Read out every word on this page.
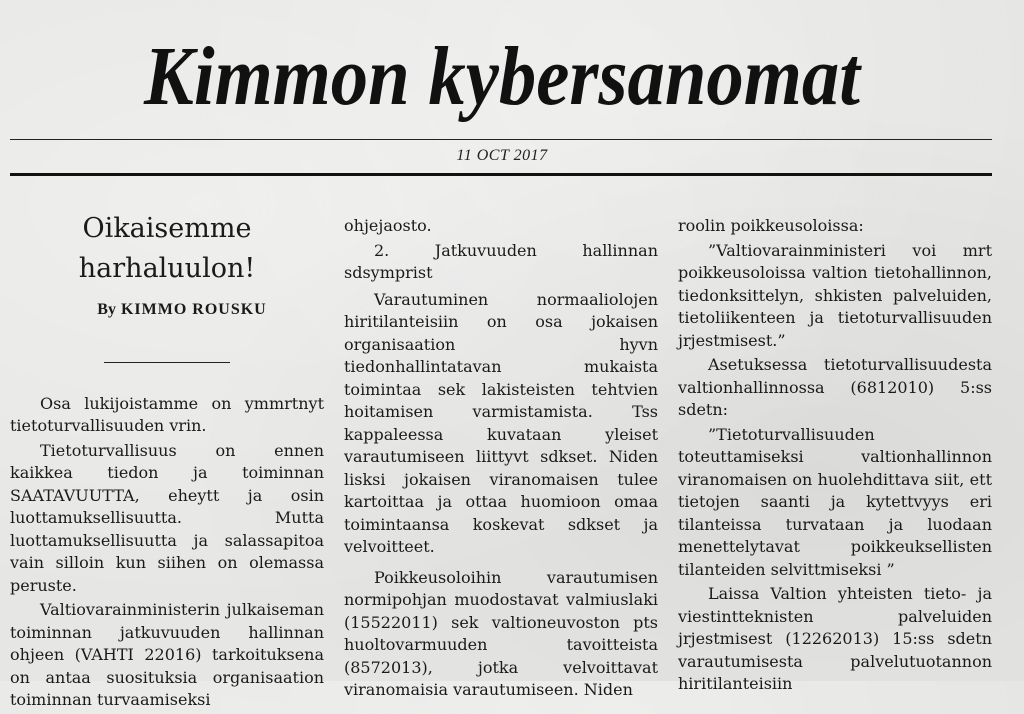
Kimmon kybersanomat
11 OCT 2017
Oikaisemme harhaluulon!

By KIMMO ROUSKU

Osa lukijoistamme on ymmrtnyt tietoturvallisuuden vrin.

Tietoturvallisuus on ennen kaikkea tiedon ja toiminnan SAATAVUUTTA, eheytt ja osin luottamuksellisuutta. Mutta luottamuksellisuutta ja salassapitoa vain silloin kun siihen on olemassa peruste.

Valtiovarainministerin julkaiseman toiminnan jatkuvuuden hallinnan ohjeen (VAHTI 22016) tarkoituksena on antaa suosituksia organisaation toiminnan turvaamiseksi

ohjejaosto.

2. Jatkuvuuden hallinnan sdsymprist

Varautuminen normaaliolojen hiritilanteisiin on osa jokaisen organisaation hyvn tiedonhallintatavan mukaista toimintaa sek lakisteisten tehtvien hoitamisen varmistamista. Tss kappaleessa kuvataan yleiset varautumiseen liittyvt sdkset. Niden lisksi jokaisen viranomaisen tulee kartoittaa ja ottaa huomioon omaa toimintaansa koskevat sdkset ja velvoitteet.

Poikkeusoloihin varautumisen normipohjan muodostavat valmiuslaki (15522011) sek valtioneuvoston pts huoltovarmuuden tavoitteista (8572013), jotka velvoittavat viranomaisia varautumiseen. Niden

roolin poikkeusoloissa:

”Valtiovarainministeri voi mrt poikkeusoloissa valtion tietohallinnon, tiedonksittelyn, shkisten palveluiden, tietoliikenteen ja tietoturvallisuuden jrjestmisest.”

Asetuksessa tietoturvallisuudesta valtionhallinnossa (6812010) 5:ss sdetn:

”Tietoturvallisuuden toteuttamiseksi valtionhallinnon viranomaisen on huolehdittava siit, ett tietojen saanti ja kytettvyys eri tilanteissa turvataan ja luodaan menettelytavat poikkeuksellisten tilanteiden selvittmiseksi ”

Laissa Valtion yhteisten tieto- ja viestintteknisten palveluiden jrjestmisest (12262013) 15:ss sdetn varautumisesta palvelutuotannon hiritilanteisiin
